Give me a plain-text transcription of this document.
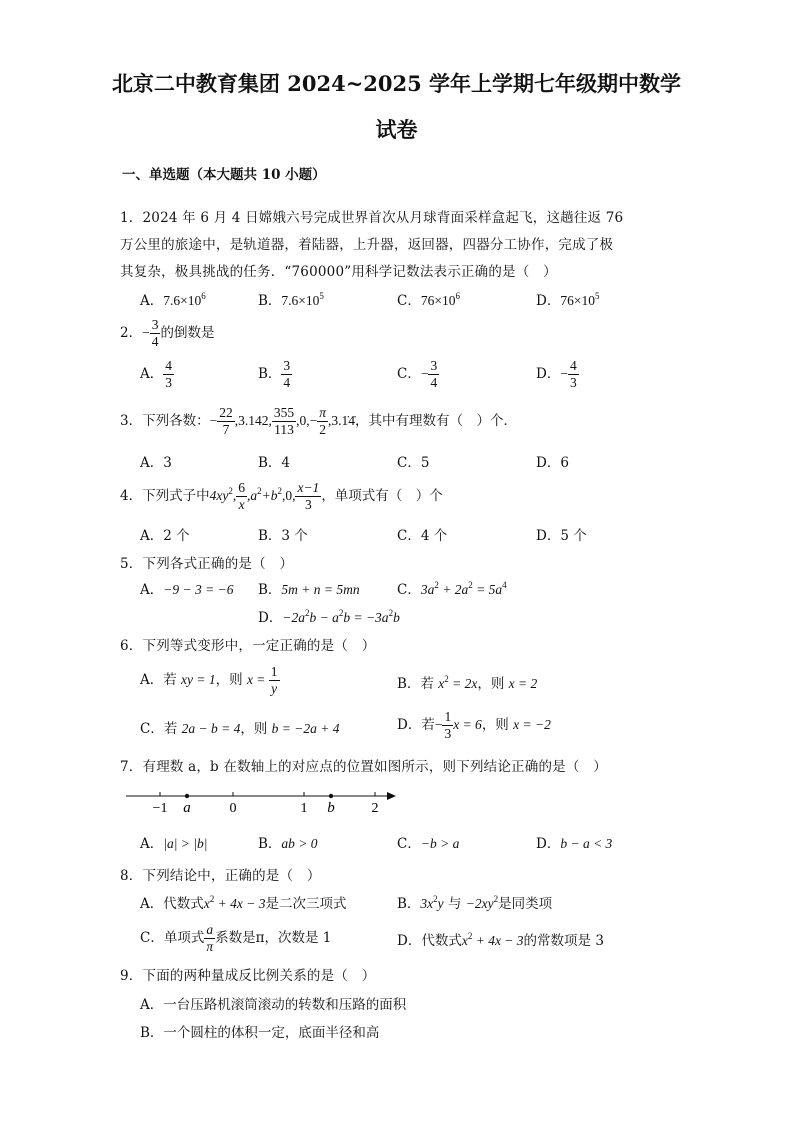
北京二中教育集团 2024~2025 学年上学期七年级期中数学
试卷
一、单选题（本大题共 10 小题）
1．2024 年 6 月 4 日嫦娥六号完成世界首次从月球背面采样盒起飞，这趟往返 76
万公里的旅途中，是轨道器，着陆器，上升器，返回器，四器分工协作，完成了极
其复杂，极具挑战的任务．“760000”用科学记数法表示正确的是（　）
A．$7.6\times 10^6$	B．$7.6\times 10^5$	C．$76\times 10^6$	D．$76\times 10^5$
2．− $\frac{3}{4}$ 的倒数是
A． $\frac{4}{3}$	B． $\frac{3}{4}$	C．− $\frac{3}{4}$	D．− $\frac{4}{3}$
3．下列各数：− $\frac{22}{7} ,3.142$, $\frac{355}{113} ,0,- \frac{\pi}{2}$ ,3.1̇4̇，其中有理数有（　）个．
A．3	B．4	C．5	D．6
4．下列式子中$4xy^2$, $\frac{6}{x} ,a^2+b^2,0$, $\frac{x-1}{3}$ ，单项式有（　）个
A．2 个	B．3 个	C．4 个	D．5 个
5．下列各式正确的是（　）
A．−9 − 3 = −6 B．5m + n = 5mn	C．$3a^2 + 2a^2 = 5a^4$
D．$-2a^2b - a^2b = -3a^2b$
6．下列等式变形中，一定正确的是（　）
A．若 xy = 1，则 $x = \frac{1}{y}$	B．若 $x^2 = 2x$，则 x = 2
C．若 2a − b = 4，则 b = −2a + 4	D．若− $\frac{1}{3}$ x = 6，则 x = −2
7．有理数 a，b 在数轴上的对应点的位置如图所示，则下列结论正确的是（　）
−1 a	0	1 b	2
A．|a| > |b|	B．ab > 0	C．−b > a	D．b − a < 3
8．下列结论中，正确的是（　）
A．代数式$x^2 + 4x - 3$是二次三项式	B．$3x^2y$ 与 $-2xy^2$是同类项
C．单项式 $\frac{a}{\pi}$ 系数是π，次数是 1	D．代数式$x^2 + 4x - 3$的常数项是 3
9．下面的两种量成反比例关系的是（　）
A．一台压路机滚筒滚动的转数和压路的面积
B．一个圆柱的体积一定，底面半径和高
